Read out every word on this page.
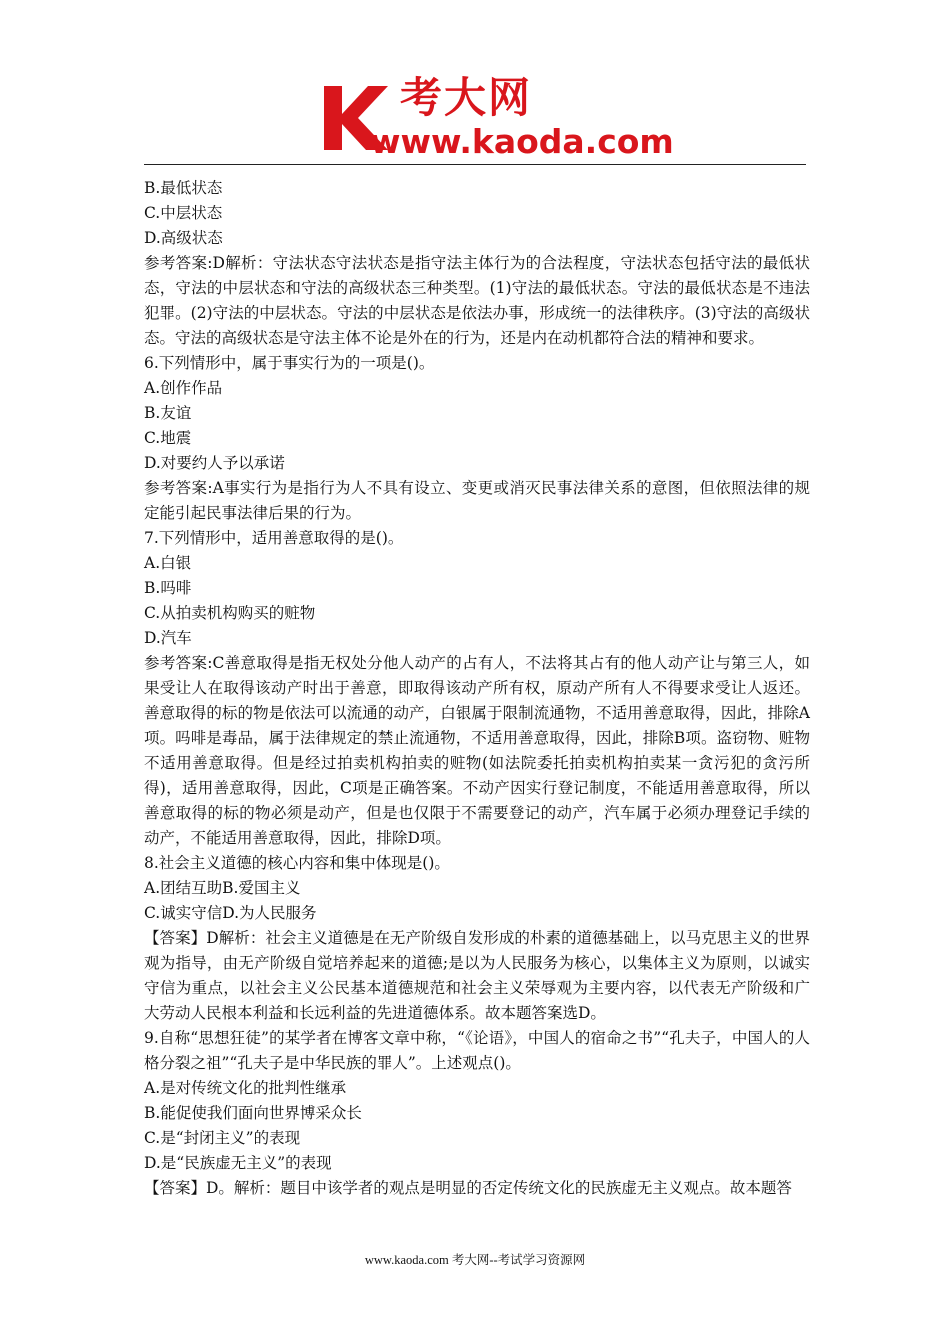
考大网
www.kaoda.com

B.最低状态

C.中层状态

D.高级状态

参考答案:D解析：守法状态守法状态是指守法主体行为的合法程度，守法状态包括守法的最低状态，守法的中层状态和守法的高级状态三种类型。(1)守法的最低状态。守法的最低状态是不违法犯罪。(2)守法的中层状态。守法的中层状态是依法办事，形成统一的法律秩序。(3)守法的高级状态。守法的高级状态是守法主体不论是外在的行为，还是内在动机都符合法的精神和要求。

6.下列情形中，属于事实行为的一项是()。

A.创作作品

B.友谊

C.地震

D.对要约人予以承诺

参考答案:A事实行为是指行为人不具有设立、变更或消灭民事法律关系的意图，但依照法律的规定能引起民事法律后果的行为。

7.下列情形中，适用善意取得的是()。

A.白银

B.吗啡

C.从拍卖机构购买的赃物

D.汽车

参考答案:C善意取得是指无权处分他人动产的占有人，不法将其占有的他人动产让与第三人，如果受让人在取得该动产时出于善意，即取得该动产所有权，原动产所有人不得要求受让人返还。善意取得的标的物是依法可以流通的动产，白银属于限制流通物，不适用善意取得，因此，排除A项。吗啡是毒品，属于法律规定的禁止流通物，不适用善意取得，因此，排除B项。盗窃物、赃物不适用善意取得。但是经过拍卖机构拍卖的赃物(如法院委托拍卖机构拍卖某一贪污犯的贪污所得)，适用善意取得，因此，C项是正确答案。不动产因实行登记制度，不能适用善意取得，所以善意取得的标的物必须是动产，但是也仅限于不需要登记的动产，汽车属于必须办理登记手续的动产，不能适用善意取得，因此，排除D项。

8.社会主义道德的核心内容和集中体现是()。

A.团结互助B.爱国主义

C.诚实守信D.为人民服务

【答案】D解析：社会主义道德是在无产阶级自发形成的朴素的道德基础上，以马克思主义的世界观为指导，由无产阶级自觉培养起来的道德;是以为人民服务为核心，以集体主义为原则，以诚实守信为重点，以社会主义公民基本道德规范和社会主义荣辱观为主要内容，以代表无产阶级和广大劳动人民根本利益和长远利益的先进道德体系。故本题答案选D。

9.自称“思想狂徒”的某学者在博客文章中称，“《论语》，中国人的宿命之书”“孔夫子，中国人的人格分裂之祖”“孔夫子是中华民族的罪人”。上述观点()。

A.是对传统文化的批判性继承

B.能促使我们面向世界博采众长

C.是“封闭主义”的表现

D.是“民族虚无主义”的表现

【答案】D。解析：题目中该学者的观点是明显的否定传统文化的民族虚无主义观点。故本题答

www.kaoda.com 考大网--考试学习资源网
